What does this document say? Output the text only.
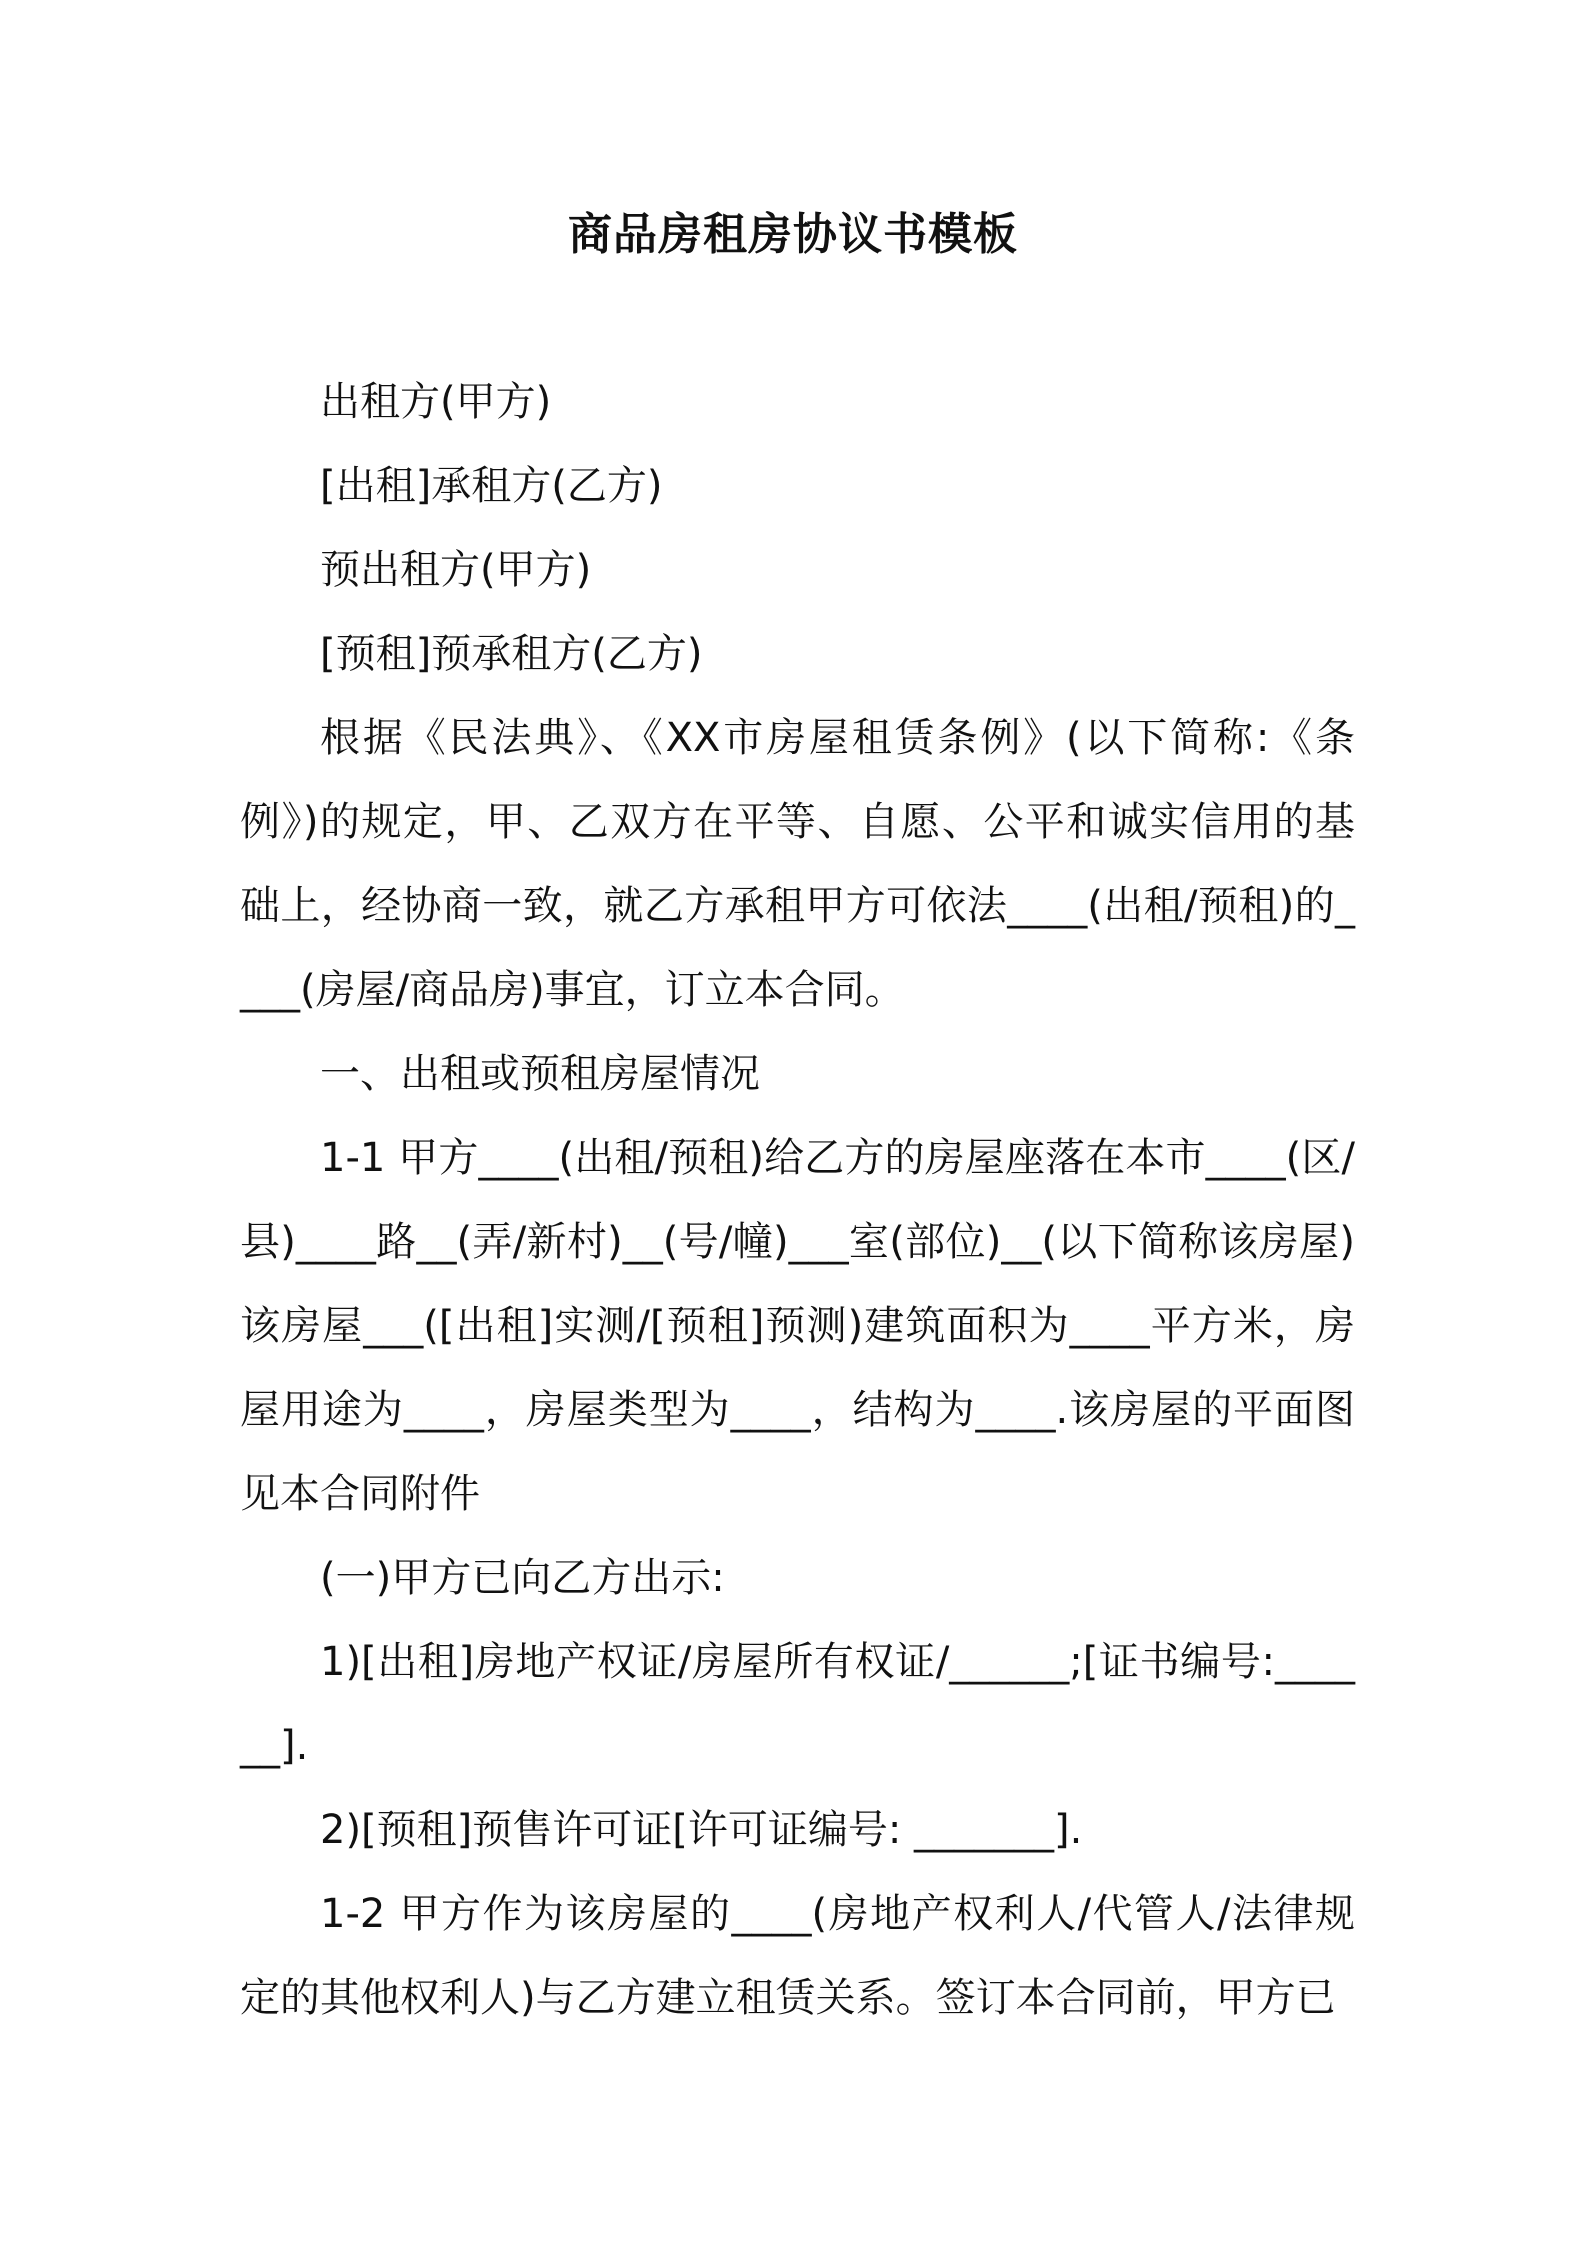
商品房租房协议书模板

出租方(甲方)

[出租]承租方(乙方)

预出租方(甲方)

[预租]预承租方(乙方)

根据《民法典》、《XX市房屋租赁条例》(以下简称:《条例》)的规定，甲、乙双方在平等、自愿、公平和诚实信用的基础上，经协商一致，就乙方承租甲方可依法____(出租/预租)的____(房屋/商品房)事宜，订立本合同。

一、出租或预租房屋情况

1-1 甲方____(出租/预租)给乙方的房屋座落在本市____(区/县)____路__(弄/新村)__(号/幢)___室(部位)__(以下简称该房屋)该房屋___([出租]实测/[预租]预测)建筑面积为____平方米，房屋用途为____，房屋类型为____，结构为____.该房屋的平面图见本合同附件

(一)甲方已向乙方出示:

1)[出租]房地产权证/房屋所有权证/______;[证书编号:______].

2)[预租]预售许可证[许可证编号: _______].

1-2 甲方作为该房屋的____(房地产权利人/代管人/法律规定的其他权利人)与乙方建立租赁关系。签订本合同前，甲方已
